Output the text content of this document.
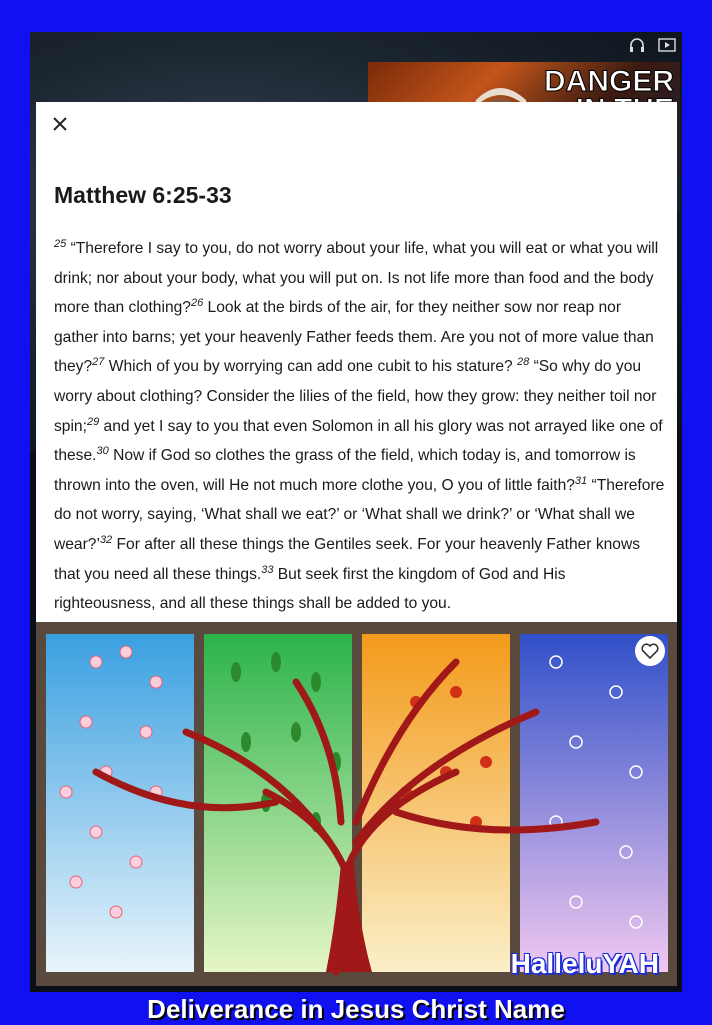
DANGER
Matthew 6:25-33

$^{25}$ “Therefore I say to you, do not worry about your life, what you will eat or what you will drink; nor about your body, what you will put on. Is not life more than food and the body more than clothing?$^{26}$ Look at the birds of the air, for they neither sow nor reap nor gather into barns; yet your heavenly Father feeds them. Are you not of more value than they?$^{27}$ Which of you by worrying can add one cubit to his stature? $^{28}$ “So why do you worry about clothing? Consider the lilies of the field, how they grow: they neither toil nor spin;$^{29}$ and yet I say to you that even Solomon in all his glory was not arrayed like one of these.$^{30}$ Now if God so clothes the grass of the field, which today is, and tomorrow is thrown into the oven, will He not much more clothe you, O you of little faith?$^{31}$ “Therefore do not worry, saying, ‘What shall we eat?’ or ‘What shall we drink?’ or ‘What shall we wear?’$^{32}$ For after all these things the Gentiles seek. For your heavenly Father knows that you need all these things.$^{33}$ But seek first the kingdom of God and His righteousness, and all these things shall be added to you.

HalleluYAH
Deliverance in Jesus Christ Name
